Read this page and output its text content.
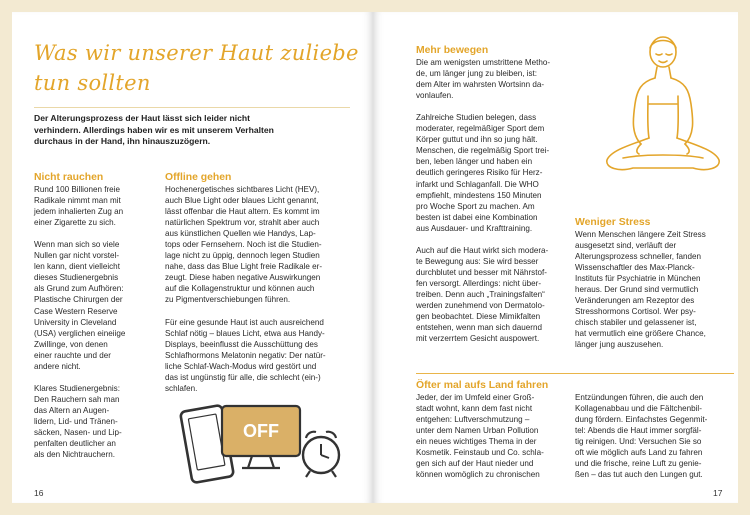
Was wir unserer Haut zuliebe
tun sollten
Der Alterungsprozess der Haut lässt sich leider nicht
verhindern. Allerdings haben wir es mit unserem Verhalten
durchaus in der Hand, ihn hinauszuzögern.
Nicht rauchen
Rund 100 Billionen freie
Radikale nimmt man mit
jedem inhalierten Zug an
einer Zigarette zu sich.

Wenn man sich so viele
Nullen gar nicht vorstel-
len kann, dient vielleicht
dieses Studienergebnis
als Grund zum Aufhören:
Plastische Chirurgen der
Case Western Reserve
University in Cleveland
(USA) verglichen eineiige
Zwillinge, von denen
einer rauchte und der
andere nicht.

Klares Studienergebnis:
Den Rauchern sah man
das Altern an Augen-
lidern, Lid- und Tränen-
säcken, Nasen- und Lip-
penfalten deutlicher an
als den Nichtrauchern.
Offline gehen
Hochenergetisches sichtbares Licht (HEV),
auch Blue Light oder blaues Licht genannt,
lässt offenbar die Haut altern. Es kommt im
natürlichen Spektrum vor, strahlt aber auch
aus künstlichen Quellen wie Handys, Lap-
tops oder Fernsehern. Noch ist die Studien-
lage nicht zu üppig, dennoch legen Studien
nahe, dass das Blue Light freie Radikale er-
zeugt. Diese haben negative Auswirkungen
auf die Kollagenstruktur und können auch
zu Pigmentverschiebungen führen.

Für eine gesunde Haut ist auch ausreichend
Schlaf nötig – blaues Licht, etwa aus Handy-
Displays, beeinflusst die Ausschüttung des
Schlafhormons Melatonin negativ: Der natür-
liche Schlaf-Wach-Modus wird gestört und
das ist ungünstig für alle, die schlecht (ein-)
schlafen.
OFF
16
Mehr bewegen
Die am wenigsten umstrittene Metho-
de, um länger jung zu bleiben, ist:
dem Alter im wahrsten Wortsinn da-
vonlaufen.

Zahlreiche Studien belegen, dass
moderater, regelmäßiger Sport dem
Körper guttut und ihn so jung hält.
Menschen, die regelmäßig Sport trei-
ben, leben länger und haben ein
deutlich geringeres Risiko für Herz-
infarkt und Schlaganfall. Die WHO
empfiehlt, mindestens 150 Minuten
pro Woche Sport zu machen. Am
besten ist dabei eine Kombination
aus Ausdauer- und Krafttraining.

Auch auf die Haut wirkt sich modera-
te Bewegung aus: Sie wird besser
durchblutet und besser mit Nährstof-
fen versorgt. Allerdings: nicht über-
treiben. Denn auch „Trainingsfalten“
werden zunehmend von Dermatolo-
gen beobachtet. Diese Mimikfalten
entstehen, wenn man sich dauernd
mit verzerrtem Gesicht auspowert.
Weniger Stress
Wenn Menschen längere Zeit Stress
ausgesetzt sind, verläuft der
Alterungsprozess schneller, fanden
Wissenschaftler des Max-Planck-
Instituts für Psychiatrie in München
heraus. Der Grund sind vermutlich
Veränderungen am Rezeptor des
Stresshormons Cortisol. Wer psy-
chisch stabiler und gelassener ist,
hat vermutlich eine größere Chance,
länger jung auszusehen.
Öfter mal aufs Land fahren
Jeder, der im Umfeld einer Groß-
stadt wohnt, kann dem fast nicht
entgehen: Luftverschmutzung –
unter dem Namen Urban Pollution
ein neues wichtiges Thema in der
Kosmetik. Feinstaub und Co. schla-
gen sich auf der Haut nieder und
können womöglich zu chronischen
Entzündungen führen, die auch den
Kollagenabbau und die Fältchenbil-
dung fördern. Einfachstes Gegenmit-
tel: Abends die Haut immer sorgfäl-
tig reinigen. Und: Versuchen Sie so
oft wie möglich aufs Land zu fahren
und die frische, reine Luft zu genie-
ßen – das tut auch den Lungen gut.
17
